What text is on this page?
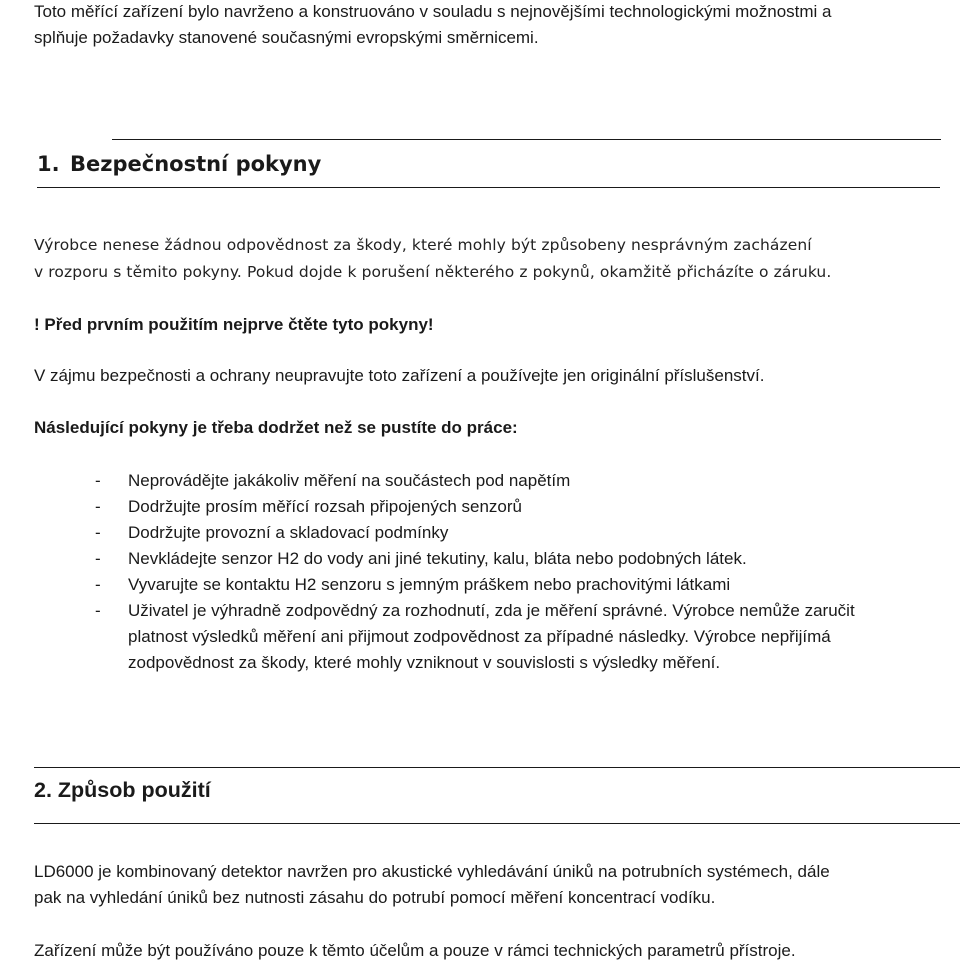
Toto měřící zařízení bylo navrženo a konstruováno v souladu s nejnovějšími technologickými možnostmi a

splňuje požadavky stanovené současnými evropskými směrnicemi.

1. Bezpečnostní pokyny

Výrobce nenese žádnou odpovědnost za škody, které mohly být způsobeny nesprávným zacházení

v rozporu s těmito pokyny. Pokud dojde k porušení některého z pokynů, okamžitě přicházíte o záruku.

! Před prvním použitím nejprve čtěte tyto pokyny!

V zájmu bezpečnosti a ochrany neupravujte toto zařízení a používejte jen originální příslušenství.

Následující pokyny je třeba dodržet než se pustíte do práce:

- Neprovádějte jakákoliv měření na součástech pod napětím
- Dodržujte prosím měřící rozsah připojených senzorů
- Dodržujte provozní a skladovací podmínky
- Nevkládejte senzor H2 do vody ani jiné tekutiny, kalu, bláta nebo podobných látek.
- Vyvarujte se kontaktu H2 senzoru s jemným práškem nebo prachovitými látkami
- Uživatel je výhradně zodpovědný za rozhodnutí, zda je měření správné. Výrobce nemůže zaručit
platnost výsledků měření ani přijmout zodpovědnost za případné následky. Výrobce nepřijímá
zodpovědnost za škody, které mohly vzniknout v souvislosti s výsledky měření.
2. Způsob použití

LD6000 je kombinovaný detektor navržen pro akustické vyhledávání úniků na potrubních systémech, dále

pak na vyhledání úniků bez nutnosti zásahu do potrubí pomocí měření koncentrací vodíku.

Zařízení může být používáno pouze k těmto účelům a pouze v rámci technických parametrů přístroje.
